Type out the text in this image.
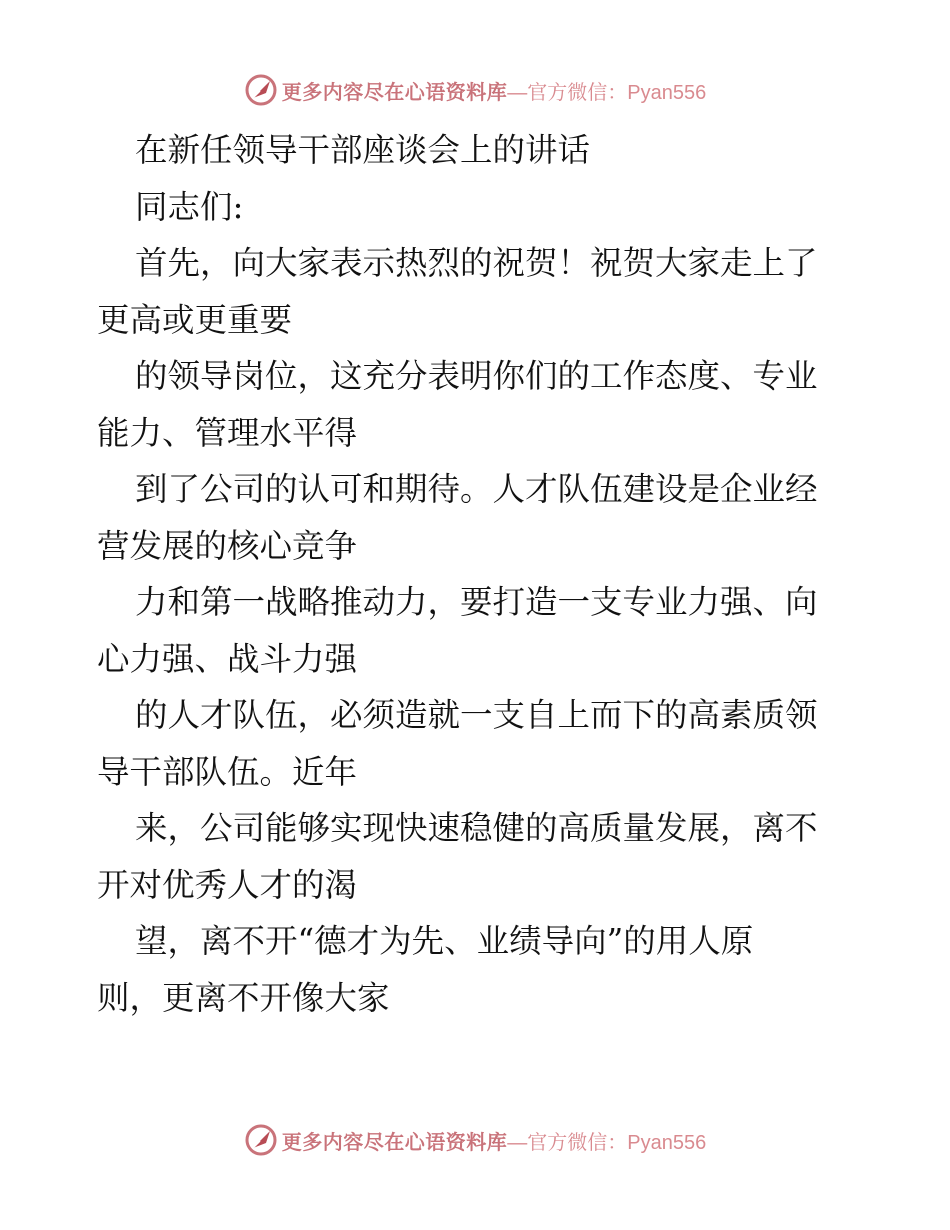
更多内容尽在心语资料库 —官方微信：Pyan556
在新任领导干部座谈会上的讲话
同志们:
首先，向大家表示热烈的祝贺！祝贺大家走上了
更高或更重要
的领导岗位，这充分表明你们的工作态度、专业
能力、管理水平得
到了公司的认可和期待。人才队伍建设是企业经
营发展的核心竞争
力和第一战略推动力，要打造一支专业力强、向
心力强、战斗力强
的人才队伍，必须造就一支自上而下的高素质领
导干部队伍。近年
来，公司能够实现快速稳健的高质量发展，离不
开对优秀人才的渴
望，离不开“德才为先、业绩导向”的用人原
则，更离不开像大家
更多内容尽在心语资料库 —官方微信：Pyan556
